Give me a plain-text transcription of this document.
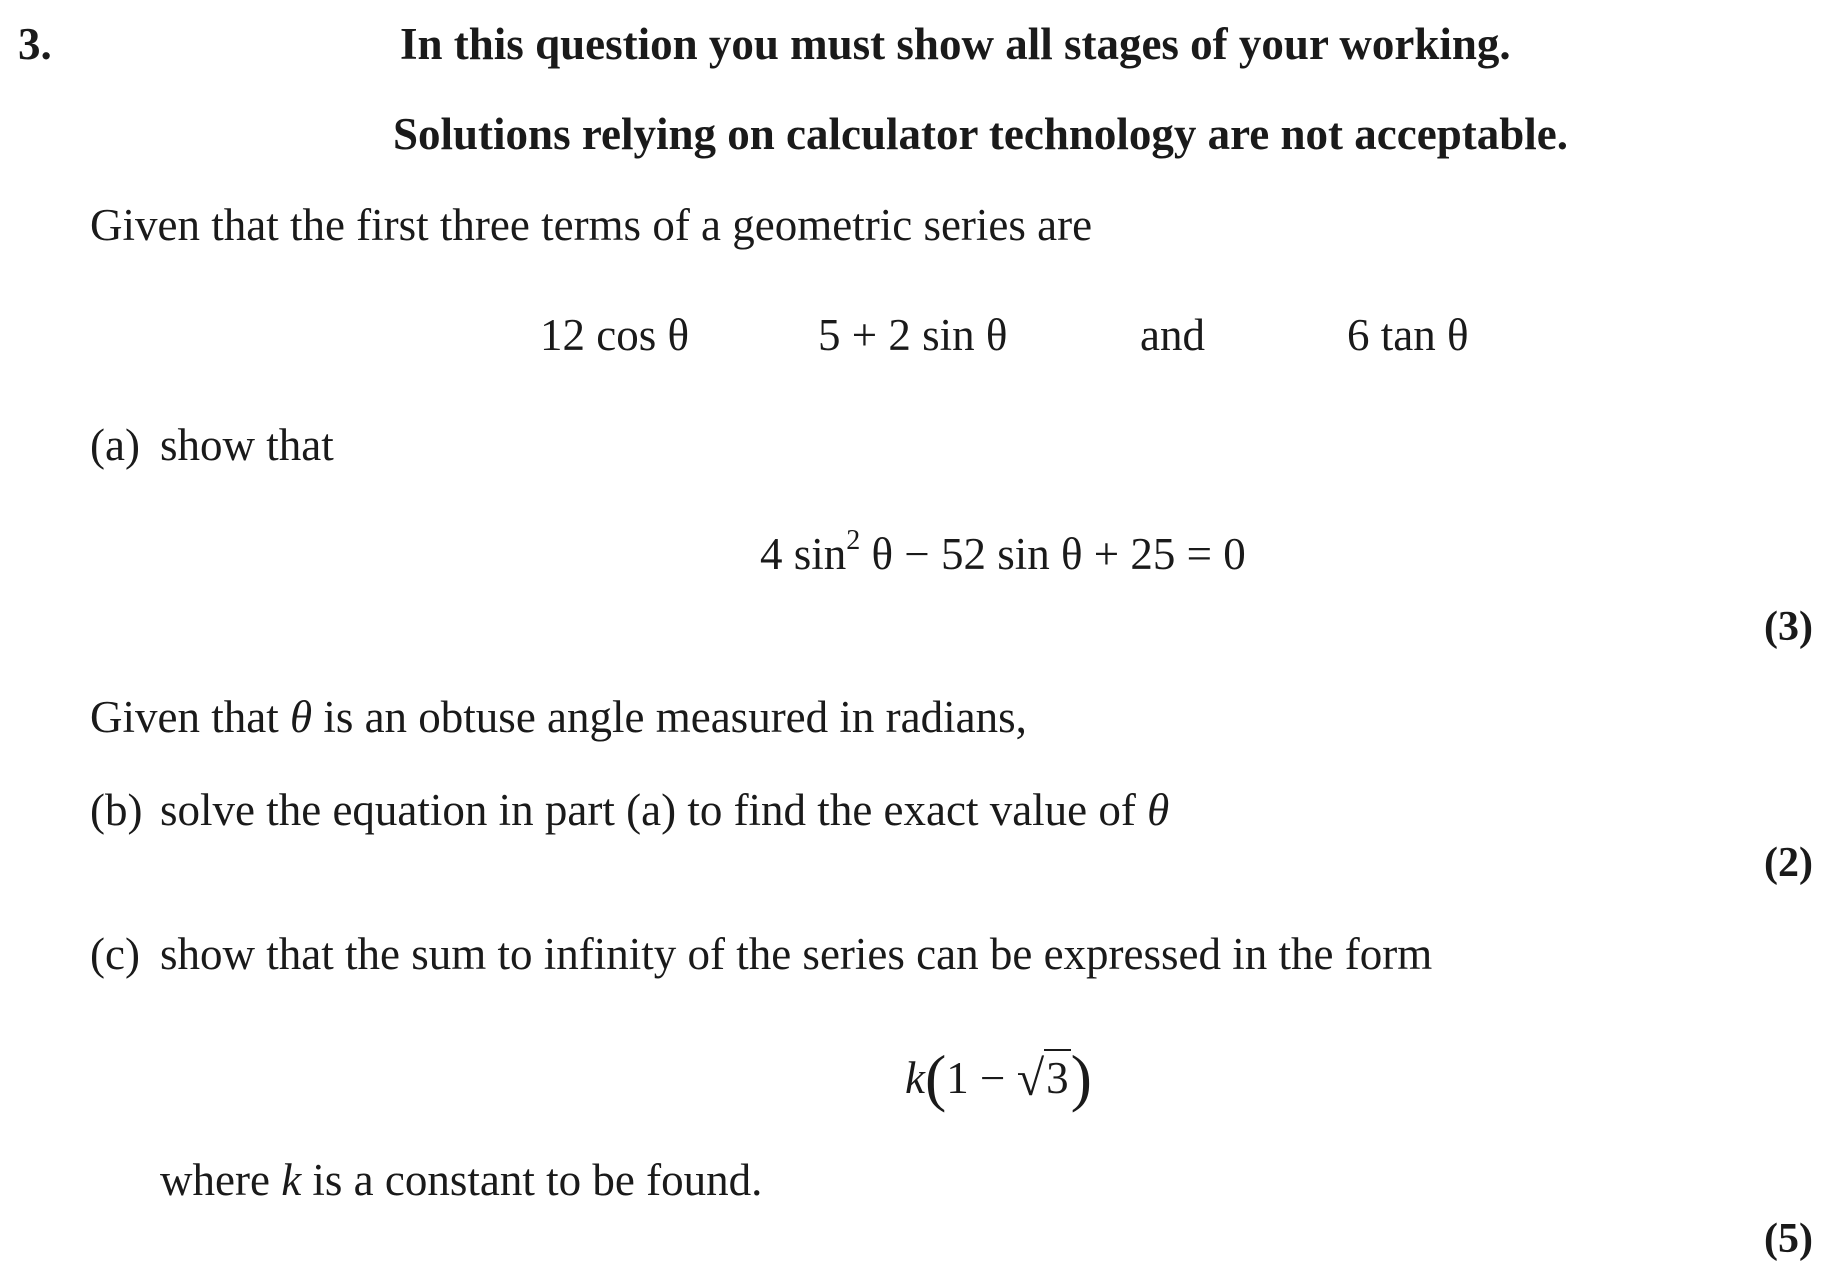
3.	In this question you must show all stages of your working.
Solutions relying on calculator technology are not acceptable.
Given that the first three terms of a geometric series are
12 cos θ	5 + 2 sin θ	and	6 tan θ
(a) show that
4 $\sin^2 \theta - 52$ sin θ + 25 = 0
(3)
Given that θ is an obtuse angle measured in radians,
(b) solve the equation in part (a) to find the exact value of θ
(2)
(c) show that the sum to infinity of the series can be expressed in the form
k(1 − √3)
where k is a constant to be found.
(5)
